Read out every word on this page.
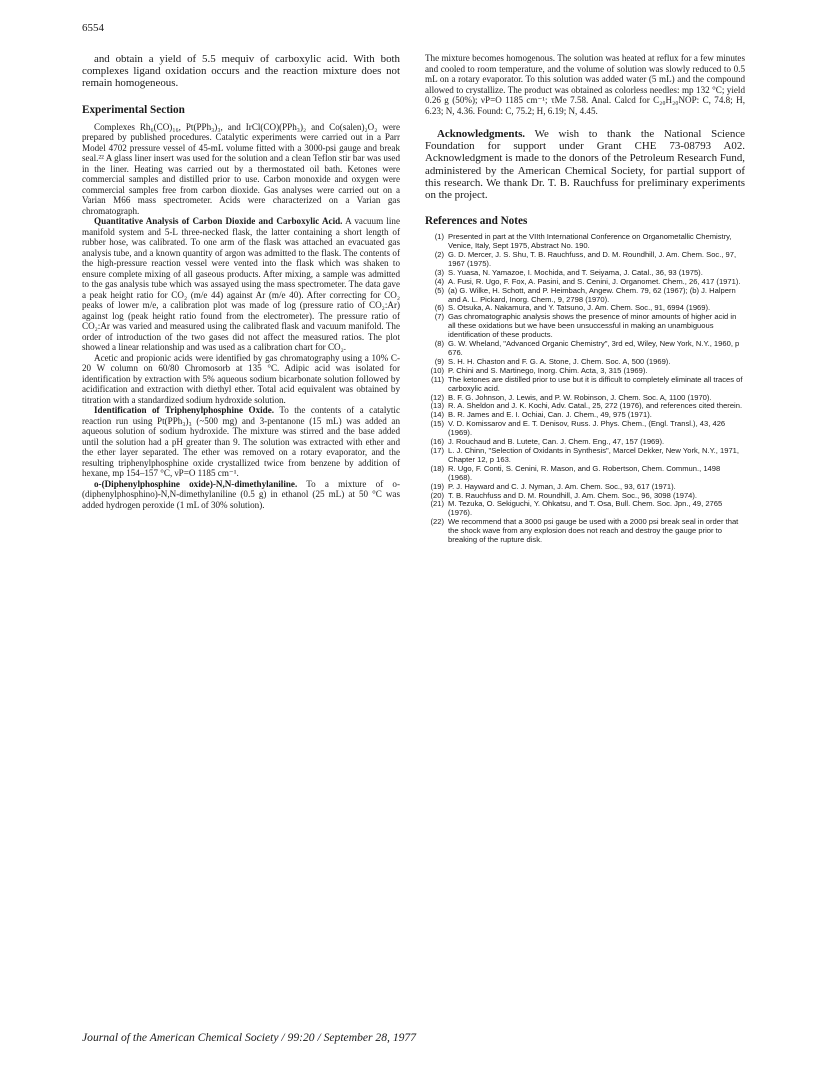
6554

and obtain a yield of 5.5 mequiv of carboxylic acid. With both complexes ligand oxidation occurs and the reaction mixture does not remain homogeneous.

Experimental Section

Complexes Rh₆(CO)₁₆, Pt(PPh₃)₃, and IrCl(CO)(PPh₃)₂ and Co(salen)₂O₂ were prepared by published procedures. Catalytic experiments were carried out in a Parr Model 4702 pressure vessel of 45-mL volume fitted with a 3000-psi gauge and break seal.²² A glass liner insert was used for the solution and a clean Teflon stir bar was used in the liner. Heating was carried out by a thermostated oil bath. Ketones were commercial samples and distilled prior to use. Carbon monoxide and oxygen were commercial samples free from carbon dioxide. Gas analyses were carried out on a Varian M66 mass spectrometer. Acids were characterized on a Varian gas chromatograph.

Quantitative Analysis of Carbon Dioxide and Carboxylic Acid. A vacuum line manifold system and 5-L three-necked flask, the latter containing a short length of rubber hose, was calibrated. To one arm of the flask was attached an evacuated gas analysis tube, and a known quantity of argon was admitted to the flask. The contents of the high-pressure reaction vessel were vented into the flask which was shaken to ensure complete mixing of all gaseous products. After mixing, a sample was admitted to the gas analysis tube which was assayed using the mass spectrometer. The data gave a peak height ratio for CO₂ (m/e 44) against Ar (m/e 40). After correcting for CO₂ peaks of lower m/e, a calibration plot was made of log (pressure ratio of CO₂:Ar) against log (peak height ratio found from the electrometer). The pressure ratio of CO₂:Ar was varied and measured using the calibrated flask and vacuum manifold. The order of introduction of the two gases did not affect the measured ratios. The plot showed a linear relationship and was used as a calibration chart for CO₂.

Acetic and propionic acids were identified by gas chromatography using a 10% C-20 W column on 60/80 Chromosorb at 135 °C. Adipic acid was isolated for identification by extraction with 5% aqueous sodium bicarbonate solution followed by acidification and extraction with diethyl ether. Total acid equivalent was obtained by titration with a standardized sodium hydroxide solution.

Identification of Triphenylphosphine Oxide. To the contents of a catalytic reaction run using Pt(PPh₃)₃ (~500 mg) and 3-pentanone (15 mL) was added an aqueous solution of sodium hydroxide. The mixture was stirred and the base added until the solution had a pH greater than 9. The solution was extracted with ether and the ether layer separated. The ether was removed on a rotary evaporator, and the resulting triphenylphosphine oxide crystallized twice from benzene by addition of hexane, mp 154–157 °C, νP=O 1185 cm⁻¹.

o-(Diphenylphosphine oxide)-N,N-dimethylaniline. To a mixture of o-(diphenylphosphino)-N,N-dimethylaniline (0.5 g) in ethanol (25 mL) at 50 °C was added hydrogen peroxide (1 mL of 30% solution).

The mixture becomes homogenous. The solution was heated at reflux for a few minutes and cooled to room temperature, and the volume of solution was slowly reduced to 0.5 mL on a rotary evaporator. To this solution was added water (5 mL) and the compound allowed to crystallize. The product was obtained as colorless needles: mp 132 °C; yield 0.26 g (50%); νP=O 1185 cm⁻¹; τMe 7.58. Anal. Calcd for C₂₀H₂₀NOP: C, 74.8; H, 6.23; N, 4.36. Found: C, 75.2; H, 6.19; N, 4.45.

Acknowledgments. We wish to thank the National Science Foundation for support under Grant CHE 73-08793 A02. Acknowledgment is made to the donors of the Petroleum Research Fund, administered by the American Chemical Society, for partial support of this research. We thank Dr. T. B. Rauchfuss for preliminary experiments on the project.

References and Notes
(1) Presented in part at the VIIth International Conference on Organometallic Chemistry, Venice, Italy, Sept 1975, Abstract No. 190.
(2) G. D. Mercer, J. S. Shu, T. B. Rauchfuss, and D. M. Roundhill, J. Am. Chem. Soc., 97, 1967 (1975).
(3) S. Yuasa, N. Yamazoe, I. Mochida, and T. Seiyama, J. Catal., 36, 93 (1975).
(4) A. Fusi, R. Ugo, F. Fox, A. Pasini, and S. Cenini, J. Organomet. Chem., 26, 417 (1971).
(5) (a) G. Wilke, H. Schott, and P. Heimbach, Angew. Chem. 79, 62 (1967); (b) J. Halpern and A. L. Pickard, Inorg. Chem., 9, 2798 (1970).
(6) S. Otsuka, A. Nakamura, and Y. Tatsuno, J. Am. Chem. Soc., 91, 6994 (1969).
(7) Gas chromatographic analysis shows the presence of minor amounts of higher acid in all these oxidations but we have been unsuccessful in making an unambiguous identification of these products.
(8) G. W. Wheland, "Advanced Organic Chemistry", 3rd ed, Wiley, New York, N.Y., 1960, p 676.
(9) S. H. H. Chaston and F. G. A. Stone, J. Chem. Soc. A, 500 (1969).
(10) P. Chini and S. Martinego, Inorg. Chim. Acta, 3, 315 (1969).
(11) The ketones are distilled prior to use but it is difficult to completely eliminate all traces of carboxylic acid.
(12) B. F. G. Johnson, J. Lewis, and P. W. Robinson, J. Chem. Soc. A, 1100 (1970).
(13) R. A. Sheldon and J. K. Kochi, Adv. Catal., 25, 272 (1976), and references cited therein.
(14) B. R. James and E. I. Ochiai, Can. J. Chem., 49, 975 (1971).
(15) V. D. Komissarov and E. T. Denisov, Russ. J. Phys. Chem., (Engl. Transl.), 43, 426 (1969).
(16) J. Rouchaud and B. Lutete, Can. J. Chem. Eng., 47, 157 (1969).
(17) L. J. Chinn, "Selection of Oxidants in Synthesis", Marcel Dekker, New York, N.Y., 1971, Chapter 12, p 163.
(18) R. Ugo, F. Conti, S. Cenini, R. Mason, and G. Robertson, Chem. Commun., 1498 (1968).
(19) P. J. Hayward and C. J. Nyman, J. Am. Chem. Soc., 93, 617 (1971).
(20) T. B. Rauchfuss and D. M. Roundhill, J. Am. Chem. Soc., 96, 3098 (1974).
(21) M. Tezuka, O. Sekiguchi, Y. Ohkatsu, and T. Osa, Bull. Chem. Soc. Jpn., 49, 2765 (1976).
(22) We recommend that a 3000 psi gauge be used with a 2000 psi break seal in order that the shock wave from any explosion does not reach and destroy the gauge prior to breaking of the rupture disk.
Journal of the American Chemical Society / 99:20 / September 28, 1977
